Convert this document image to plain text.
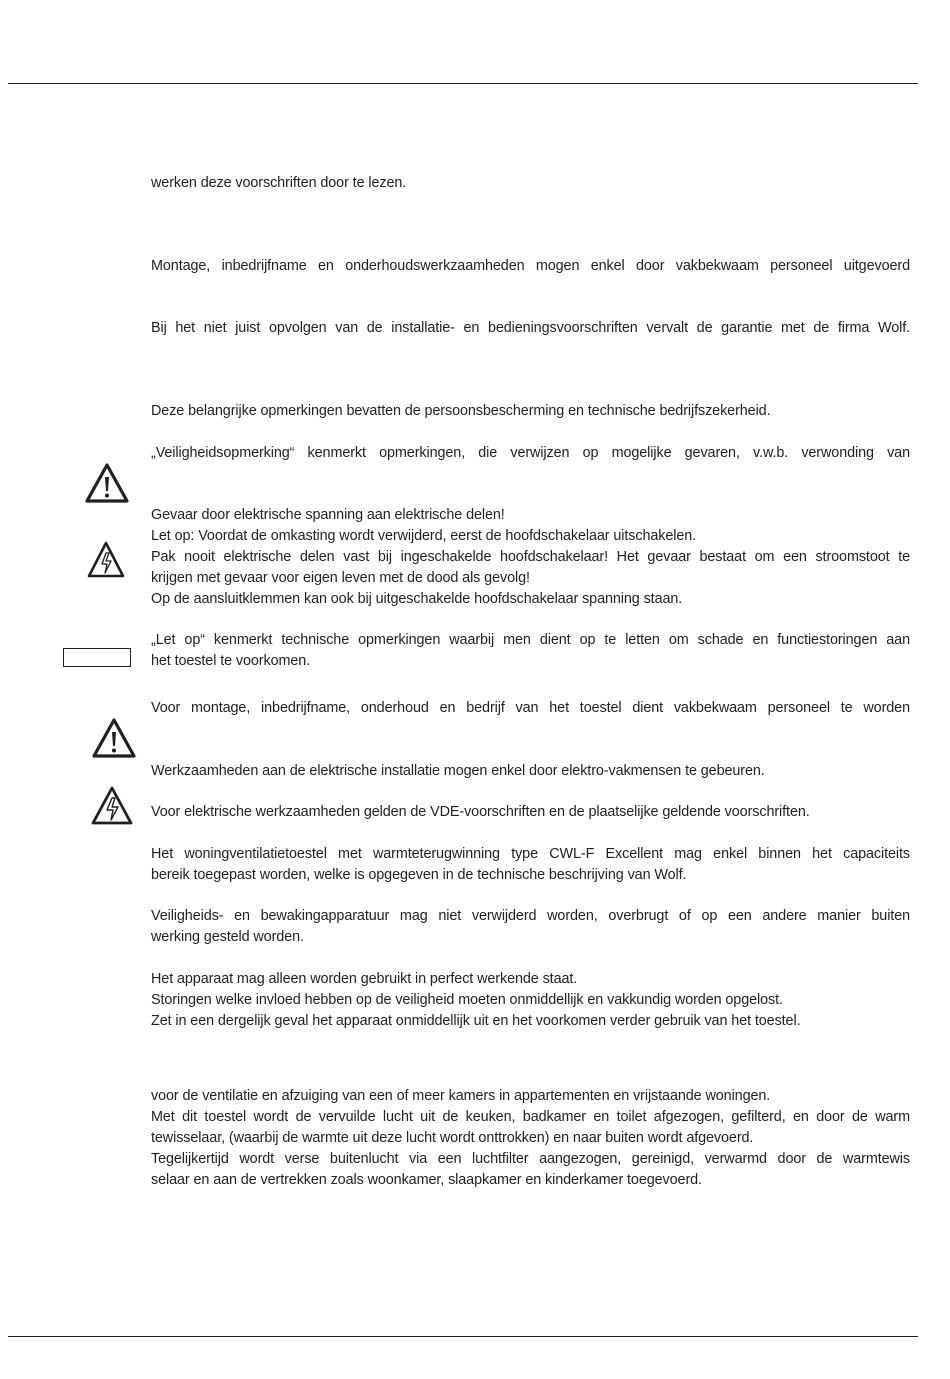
werken deze voorschriften door te lezen.
Montage, inbedrijfname en onderhoudswerkzaamheden mogen enkel door vakbekwaam personeel uitgevoerd
Bij het niet juist opvolgen van de installatie- en bedieningsvoorschriften vervalt de garantie met de firma Wolf.
Deze belangrijke opmerkingen bevatten de persoonsbescherming en technische bedrijfszekerheid.
„Veiligheidsopmerking“ kenmerkt opmerkingen, die verwijzen op mogelijke gevaren, v.w.b. verwonding van
Gevaar door elektrische spanning aan elektrische delen!
Let op: Voordat de omkasting wordt verwijderd, eerst de hoofdschakelaar uitschakelen.
Pak nooit elektrische delen vast bij ingeschakelde hoofdschakelaar! Het gevaar bestaat om een stroomstoot te
krijgen met gevaar voor eigen leven met de dood als gevolg!
Op de aansluitklemmen kan ook bij uitgeschakelde hoofdschakelaar spanning staan.
„Let op“ kenmerkt technische opmerkingen waarbij men dient op te letten om schade en functiestoringen aan
het toestel te voorkomen.
Voor montage, inbedrijfname, onderhoud en bedrijf van het toestel dient vakbekwaam personeel te worden
Werkzaamheden aan de elektrische installatie mogen enkel door elektro-vakmensen te gebeuren.
Voor elektrische werkzaamheden gelden de VDE-voorschriften en de plaatselijke geldende voorschriften.
Het woningventilatietoestel met warmteterugwinning type CWL-F Excellent mag enkel binnen het capaciteits
bereik toegepast worden, welke is opgegeven in de technische beschrijving van Wolf.
Veiligheids- en bewakingapparatuur mag niet verwijderd worden, overbrugt of op een andere manier buiten
werking gesteld worden.
Het apparaat mag alleen worden gebruikt in perfect werkende staat.
Storingen welke invloed hebben op de veiligheid moeten onmiddellijk en vakkundig worden opgelost.
Zet in een dergelijk geval het apparaat onmiddellijk uit en het voorkomen verder gebruik van het toestel.
voor de ventilatie en afzuiging van een of meer kamers in appartementen en vrijstaande woningen.
Met dit toestel wordt de vervuilde lucht uit de keuken, badkamer en toilet afgezogen, gefilterd, en door de warm
tewisselaar, (waarbij de warmte uit deze lucht wordt onttrokken) en naar buiten wordt afgevoerd.
Tegelijkertijd wordt verse buitenlucht via een luchtfilter aangezogen, gereinigd, verwarmd door de warmtewis
selaar en aan de vertrekken zoals woonkamer, slaapkamer en kinderkamer toegevoerd.
